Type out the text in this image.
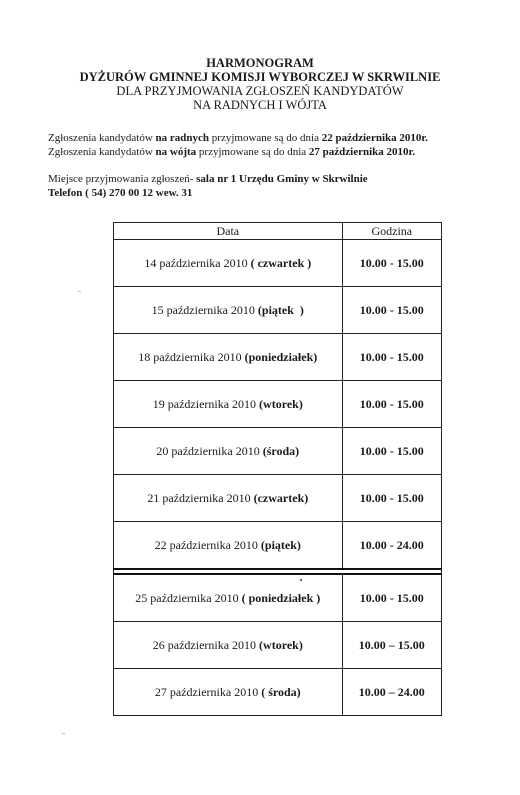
HARMONOGRAM
DYŻURÓW GMINNEJ KOMISJI WYBORCZEJ W SKRWILNIE
DLA PRZYJMOWANIA ZGŁOSZEŃ KANDYDATÓW
NA RADNYCH I WÓJTA
Zgłoszenia kandydatów na radnych przyjmowane są do dnia 22 października 2010r.
Zgłoszenia kandydatów na wójta przyjmowane są do dnia 27 października 2010r.
Miejsce przyjmowania zgłoszeń- sala nr 1 Urzędu Gminy w Skrwilnie
Telefon ( 54) 270 00 12 wew. 31
Data	Godzina
14 października 2010 ( czwartek )	10.00 - 15.00
15 października 2010 (piątek  )	10.00 - 15.00
18 października 2010 (poniedziałek)	10.00 - 15.00
19 października 2010 (wtorek)	10.00 - 15.00
20 października 2010 (środa)	10.00 - 15.00
21 października 2010 (czwartek)	10.00 - 15.00
22 października 2010 (piątek)	10.00 - 24.00

25 października 2010 ( poniedziałek )	10.00 - 15.00
26 października 2010 (wtorek)	10.00 – 15.00
27 października 2010 ( środa)	10.00 – 24.00
